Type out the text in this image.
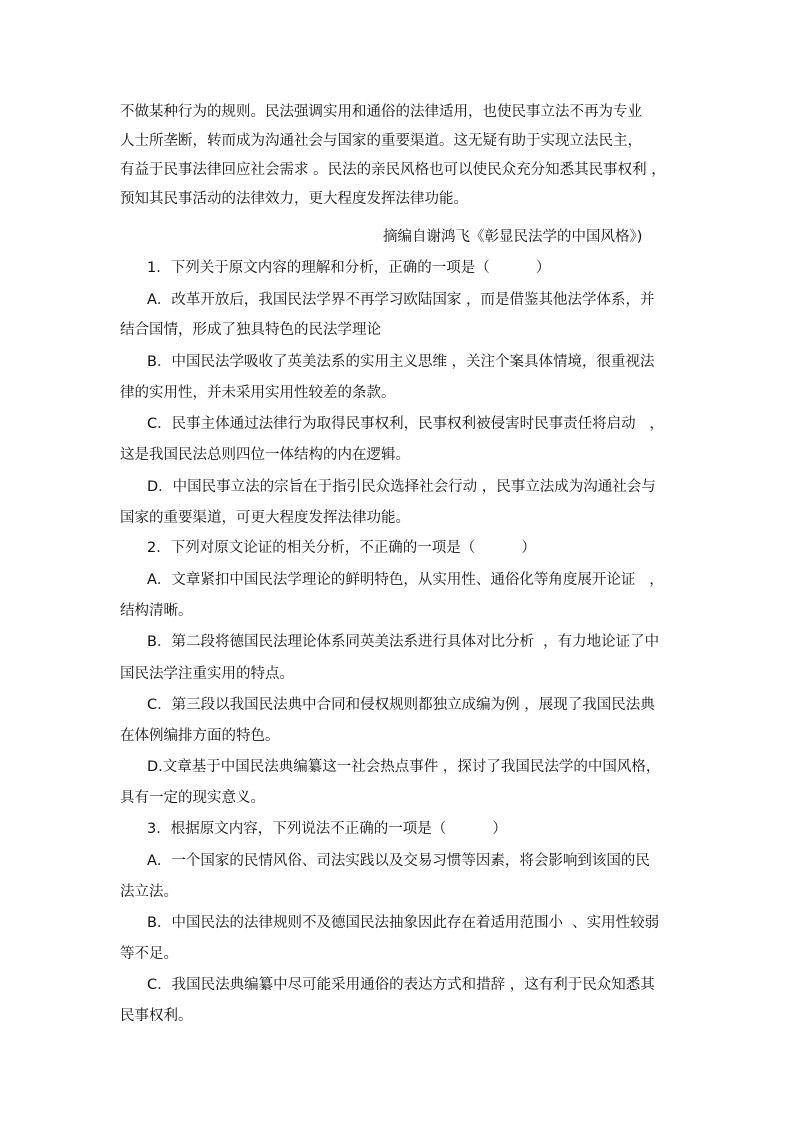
不做某种行为的规则。民法强调实用和通俗的法律适用，也使民事立法不再为专业
人士所垄断，转而成为沟通社会与国家的重要渠道。这无疑有助于实现立法民主，
有益于民事法律回应社会需求 。民法的亲民风格也可以使民众充分知悉其民事权利 ，
预知其民事活动的法律效力，更大程度发挥法律功能。
摘编自谢鸿飞《彰显民法学的中国风格》)
1．下列关于原文内容的理解和分析，正确的一项是（          ）
A．改革开放后，我国民法学界不再学习欧陆国家 ，而是借鉴其他法学体系，并
结合国情，形成了独具特色的民法学理论
B．中国民法学吸收了英美法系的实用主义思维 ，关注个案具体情境，很重视法
律的实用性，并未采用实用性较差的条款。
C．民事主体通过法律行为取得民事权利，民事权利被侵害时民事责任将启动   ，
这是我国民法总则四位一体结构的内在逻辑。
D．中国民事立法的宗旨在于指引民众选择社会行动 ，民事立法成为沟通社会与
国家的重要渠道，可更大程度发挥法律功能。
2．下列对原文论证的相关分析，不正确的一项是（          ）
A．文章紧扣中国民法学理论的鲜明特色，从实用性、通俗化等角度展开论证   ，
结构清晰。
B．第二段将德国民法理论体系同英美法系进行具体对比分析  ，有力地论证了中
国民法学注重实用的特点。
C．第三段以我国民法典中合同和侵权规则都独立成编为例 ，展现了我国民法典
在体例编排方面的特色。
D.文章基于中国民法典编纂这一社会热点事件 ，探讨了我国民法学的中国风格，
具有一定的现实意义。
3．根据原文内容，下列说法不正确的一项是（          ）
A．一个国家的民情风俗、司法实践以及交易习惯等因素，将会影响到该国的民
法立法。
B．中国民法的法律规则不及德国民法抽象因此存在着适用范围小  、实用性较弱
等不足。
C．我国民法典编纂中尽可能采用通俗的表达方式和措辞 ，这有利于民众知悉其
民事权利。
